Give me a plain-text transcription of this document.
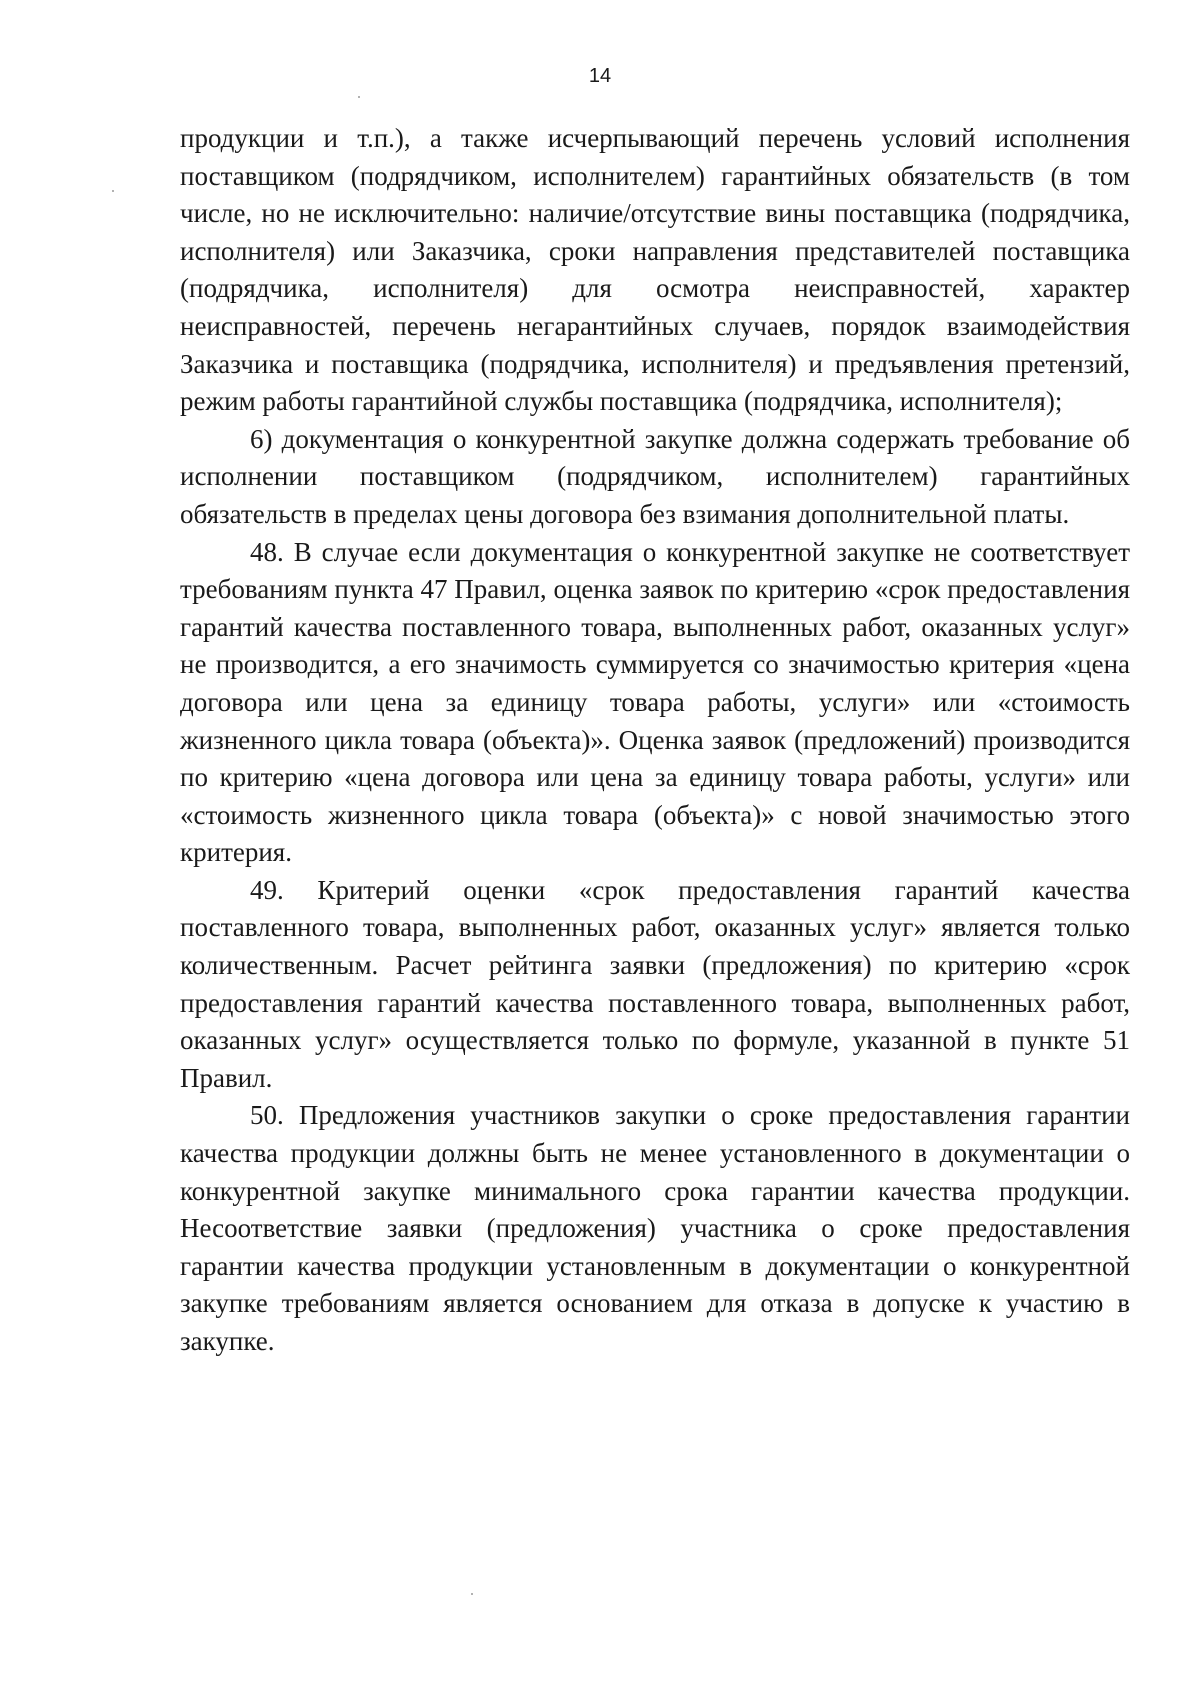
14

продукции и т.п.), а также исчерпывающий перечень условий исполнения поставщиком (подрядчиком, исполнителем) гарантийных обязательств (в том числе, но не исключительно: наличие/отсутствие вины поставщика (подрядчика, исполнителя) или Заказчика, сроки направления представителей поставщика (подрядчика, исполнителя) для осмотра неисправностей, характер неисправностей, перечень негарантийных случаев, порядок взаимодействия Заказчика и поставщика (подрядчика, исполнителя) и предъявления претензий, режим работы гарантийной службы поставщика (подрядчика, исполнителя);

6) документация о конкурентной закупке должна содержать требование об исполнении поставщиком (подрядчиком, исполнителем) гарантийных обязательств в пределах цены договора без взимания дополнительной платы.

48. В случае если документация о конкурентной закупке не соответствует требованиям пункта 47 Правил, оценка заявок по критерию «срок предоставления гарантий качества поставленного товара, выполненных работ, оказанных услуг» не производится, а его значимость суммируется со значимостью критерия «цена договора или цена за единицу товара работы, услуги» или «стоимость жизненного цикла товара (объекта)». Оценка заявок (предложений) производится по критерию «цена договора или цена за единицу товара работы, услуги» или «стоимость жизненного цикла товара (объекта)» с новой значимостью этого критерия.

49. Критерий оценки «срок предоставления гарантий качества поставленного товара, выполненных работ, оказанных услуг» является только количественным. Расчет рейтинга заявки (предложения) по критерию «срок предоставления гарантий качества поставленного товара, выполненных работ, оказанных услуг» осуществляется только по формуле, указанной в пункте 51 Правил.

50. Предложения участников закупки о сроке предоставления гарантии качества продукции должны быть не менее установленного в документации о конкурентной закупке минимального срока гарантии качества продукции. Несоответствие заявки (предложения) участника о сроке предоставления гарантии качества продукции установленным в документации о конкурентной закупке требованиям является основанием для отказа в допуске к участию в закупке.
